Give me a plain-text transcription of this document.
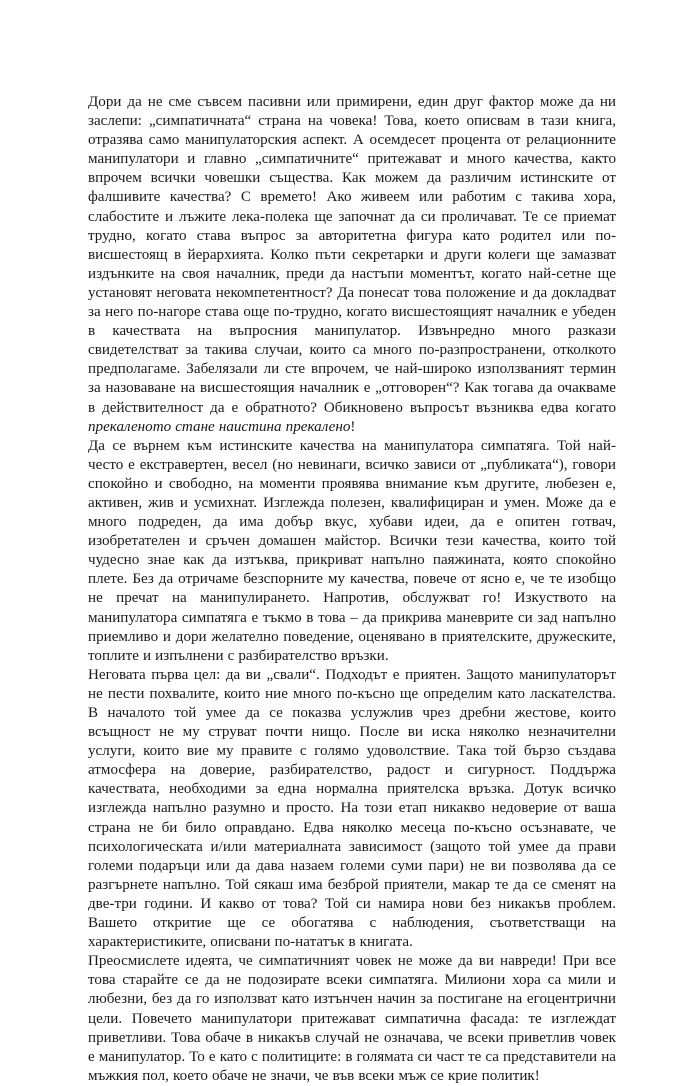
Дори да не сме съвсем пасивни или примирени, един друг фактор може да ни заслепи: „симпатичната“ страна на човека! Това, което описвам в тази книга, отразява само манипулаторския аспект. А осемдесет процента от релационните манипулатори и главно „симпатичните“ притежават и много качества, както впрочем всички човешки същества. Как можем да различим истинските от фалшивите качества? С времето! Ако живеем или работим с такива хора, слабостите и лъжите лека-полека ще започнат да си проличават. Те се приемат трудно, когато става въпрос за авторитетна фигура като родител или по-висшестоящ в йерархията. Колко пъти секретарки и други колеги ще замазват издънките на своя началник, преди да настъпи моментът, когато най-сетне ще установят неговата некомпетентност? Да понесат това положение и да докладват за него по-нагоре става още по-трудно, когато висшестоящият началник е убеден в качествата на въпросния манипулатор. Извънредно много разкази свидетелстват за такива случаи, които са много по-разпространени, отколкото предполагаме. Забелязали ли сте впрочем, че най-широко използваният термин за назоваване на висшестоящия началник е „отговорен“? Как тогава да очакваме в действителност да е обратното? Обикновено въпросът възниква едва когато прекаленото стане наистина прекалено!

Да се върнем към истинските качества на манипулатора симпатяга. Той най-често е екстравертен, весел (но невинаги, всичко зависи от „публиката“), говори спокойно и свободно, на моменти проявява внимание към другите, любезен е, активен, жив и усмихнат. Изглежда полезен, квалифициран и умен. Може да е много подреден, да има добър вкус, хубави идеи, да е опитен готвач, изобретателен и сръчен домашен майстор. Всички тези качества, които той чудесно знае как да изтъква, прикриват напълно паяжината, която спокойно плете. Без да отричаме безспорните му качества, повече от ясно е, че те изобщо не пречат на манипулирането. Напротив, обслужват го! Изкуството на манипулатора симпатяга е тъкмо в това – да прикрива маневрите си зад напълно приемливо и дори желателно поведение, оценявано в приятелските, дружеските, топлите и изпълнени с разбирателство връзки.

Неговата първа цел: да ви „свали“. Подходът е приятен. Защото манипулаторът не пести похвалите, които ние много по-късно ще определим като ласкателства. В началото той умее да се показва услужлив чрез дребни жестове, които всъщност не му струват почти нищо. После ви иска няколко незначителни услуги, които вие му правите с голямо удоволствие. Така той бързо създава атмосфера на доверие, разбирателство, радост и сигурност. Поддържа качествата, необходими за една нормална приятелска връзка. Дотук всичко изглежда напълно разумно и просто. На този етап никакво недоверие от ваша страна не би било оправдано. Едва няколко месеца по-късно осъзнавате, че психологическата и/или материалната зависимост (защото той умее да прави големи подаръци или да дава назаем големи суми пари) не ви позволява да се разгърнете напълно. Той сякаш има безброй приятели, макар те да се сменят на две-три години. И какво от това? Той си намира нови без никакъв проблем. Вашето откритие ще се обогатява с наблюдения, съответстващи на характеристиките, описвани по-нататък в книгата.

Преосмислете идеята, че симпатичният човек не може да ви навреди! При все това старайте се да не подозирате всеки симпатяга. Милиони хора са мили и любезни, без да го използват като изтънчен начин за постигане на егоцентрични цели. Повечето манипулатори притежават симпатична фасада: те изглеждат приветливи. Това обаче в никакъв случай не означава, че всеки приветлив човек е манипулатор. То е като с политиците: в голямата си част те са представители на мъжкия пол, което обаче не значи, че във всеки мъж се крие политик!
